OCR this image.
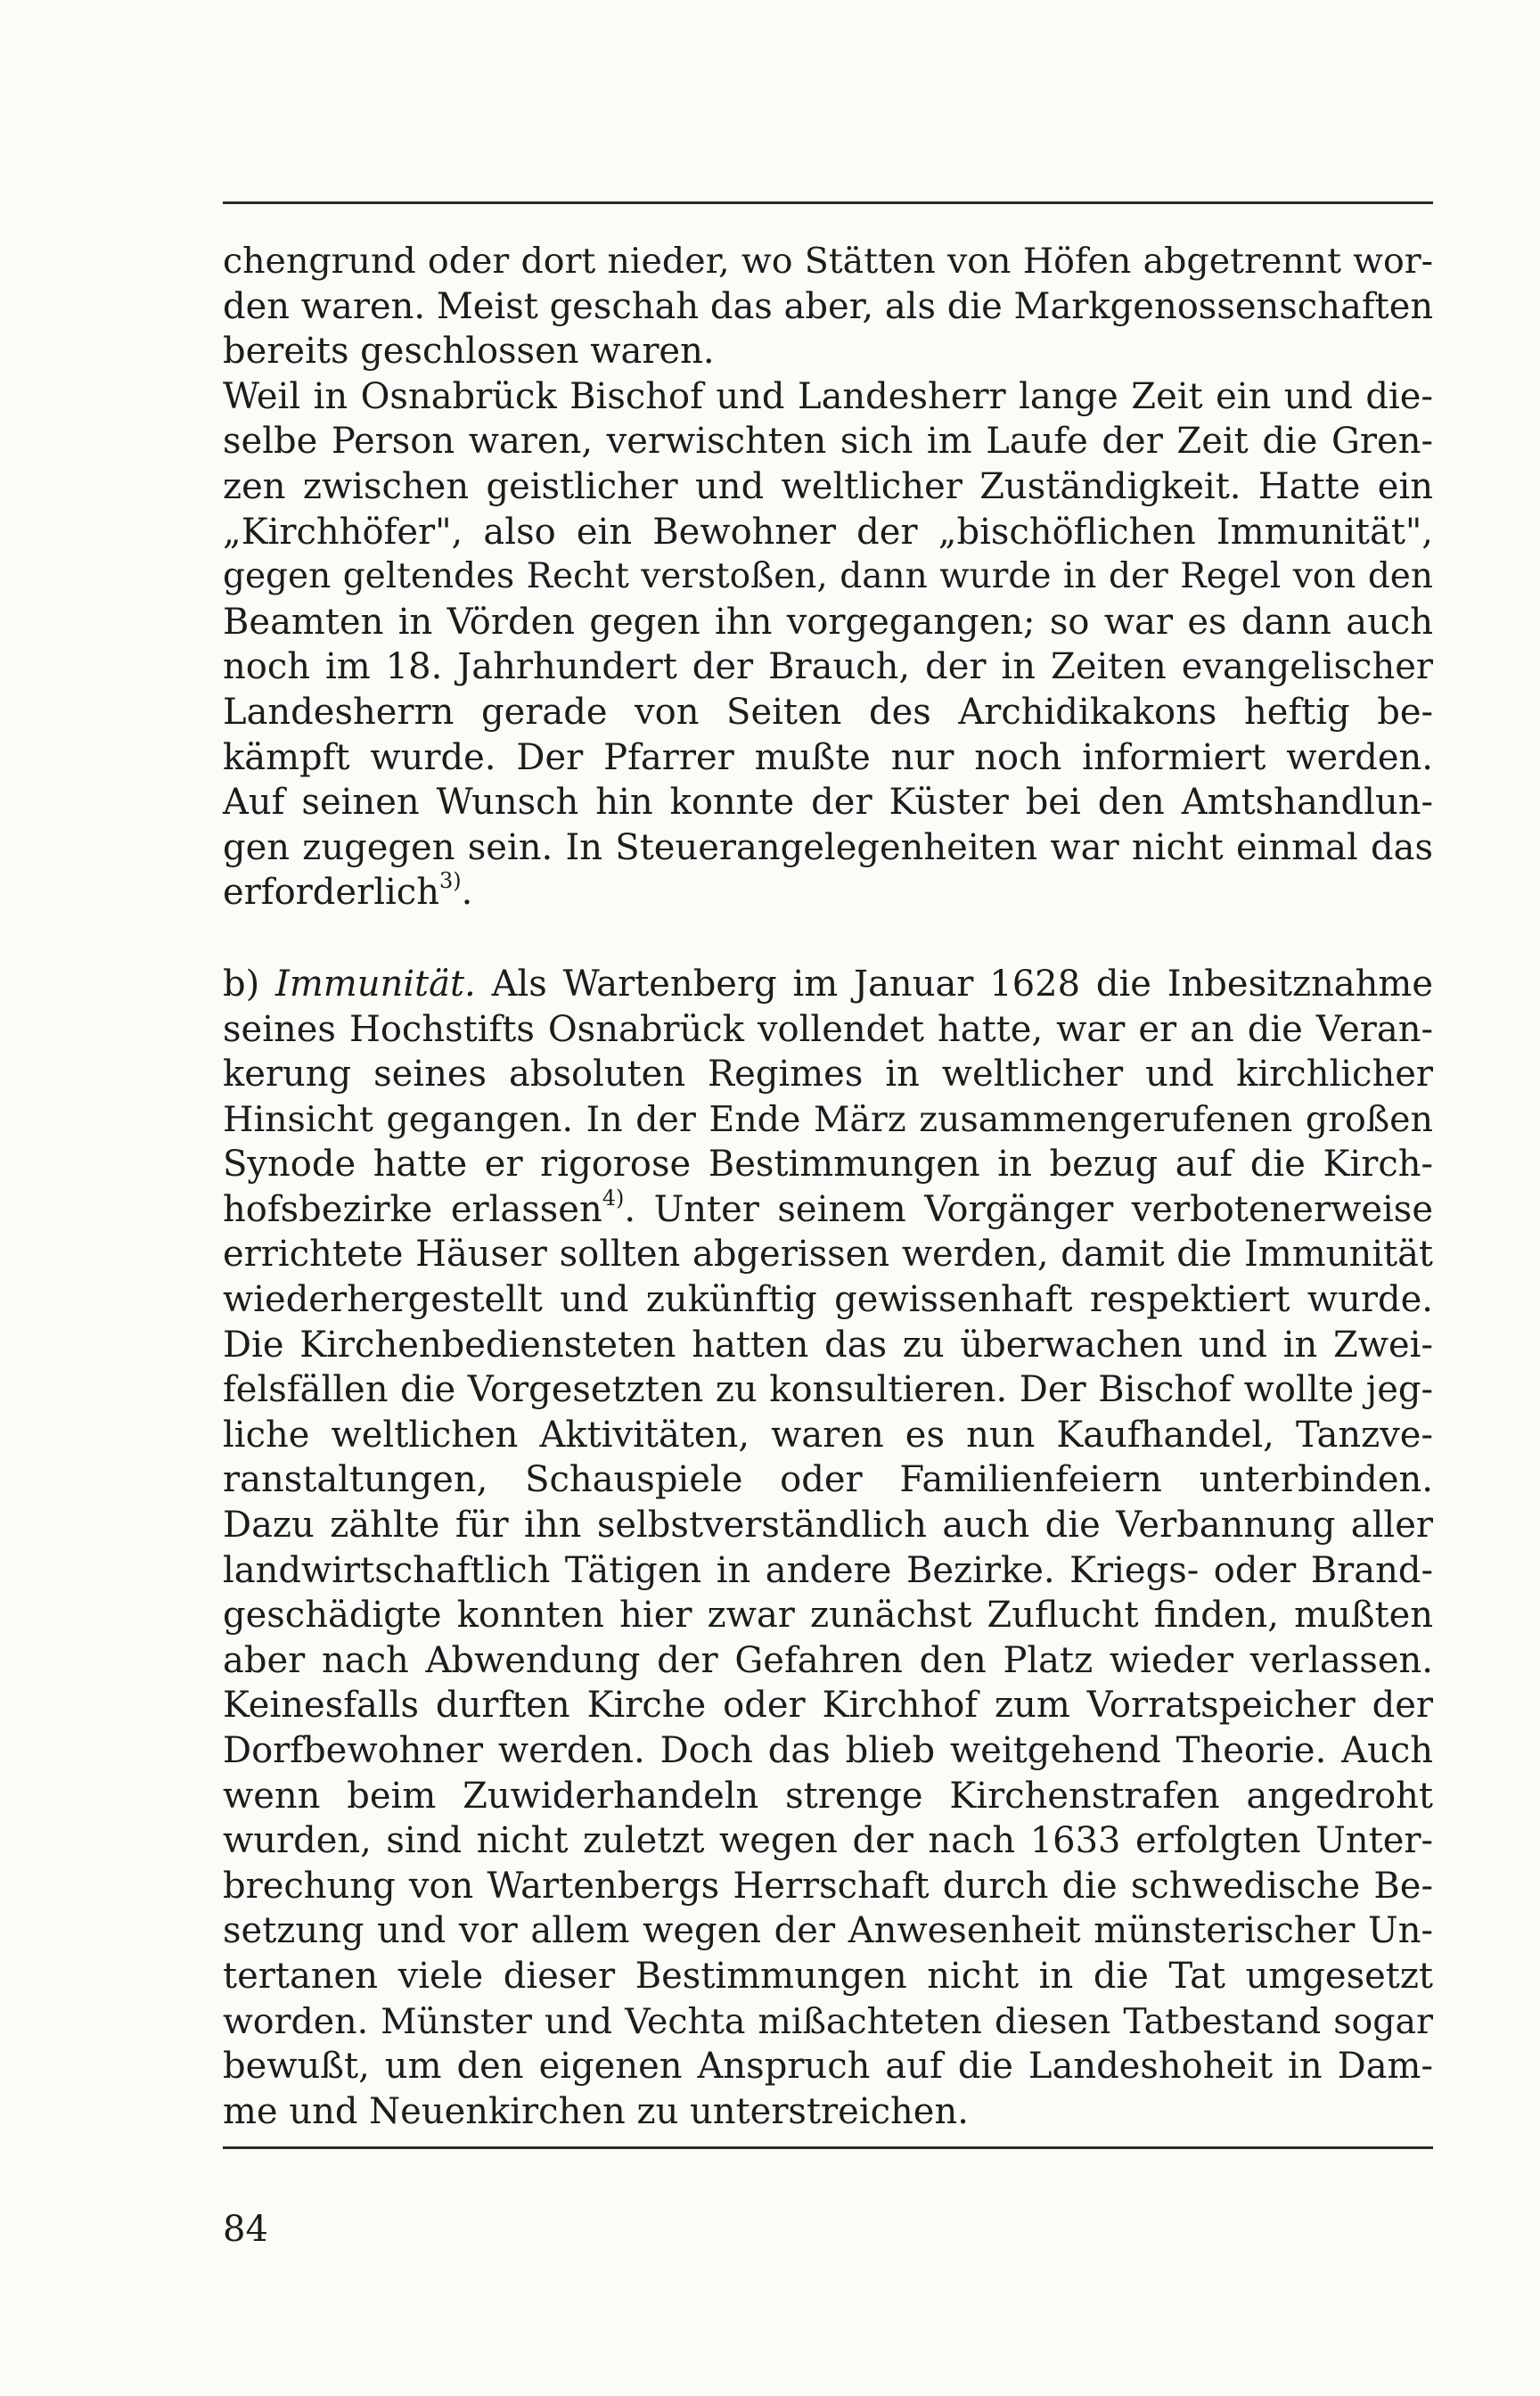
chengrund oder dort nieder, wo Stätten von Höfen abgetrennt wor-
den waren. Meist geschah das aber, als die Markgenossenschaften
bereits geschlossen waren.
Weil in Osnabrück Bischof und Landesherr lange Zeit ein und die-
selbe Person waren, verwischten sich im Laufe der Zeit die Gren-
zen zwischen geistlicher und weltlicher Zuständigkeit. Hatte ein
„Kirchhöfer", also ein Bewohner der „bischöflichen Immunität",
gegen geltendes Recht verstoßen, dann wurde in der Regel von den
Beamten in Vörden gegen ihn vorgegangen; so war es dann auch
noch im 18. Jahrhundert der Brauch, der in Zeiten evangelischer
Landesherrn gerade von Seiten des Archidikakons heftig be-
kämpft wurde. Der Pfarrer mußte nur noch informiert werden.
Auf seinen Wunsch hin konnte der Küster bei den Amtshandlun-
gen zugegen sein. In Steuerangelegenheiten war nicht einmal das
erforderlich$^{3)}$.
b) Immunität. Als Wartenberg im Januar 1628 die Inbesitznahme
seines Hochstifts Osnabrück vollendet hatte, war er an die Veran-
kerung seines absoluten Regimes in weltlicher und kirchlicher
Hinsicht gegangen. In der Ende März zusammengerufenen großen
Synode hatte er rigorose Bestimmungen in bezug auf die Kirch-
hofsbezirke erlassen$^{4)}$. Unter seinem Vorgänger verbotenerweise
errichtete Häuser sollten abgerissen werden, damit die Immunität
wiederhergestellt und zukünftig gewissenhaft respektiert wurde.
Die Kirchenbediensteten hatten das zu überwachen und in Zwei-
felsfällen die Vorgesetzten zu konsultieren. Der Bischof wollte jeg-
liche weltlichen Aktivitäten, waren es nun Kaufhandel, Tanzve-
ranstaltungen, Schauspiele oder Familienfeiern unterbinden.
Dazu zählte für ihn selbstverständlich auch die Verbannung aller
landwirtschaftlich Tätigen in andere Bezirke. Kriegs- oder Brand-
geschädigte konnten hier zwar zunächst Zuflucht finden, mußten
aber nach Abwendung der Gefahren den Platz wieder verlassen.
Keinesfalls durften Kirche oder Kirchhof zum Vorratspeicher der
Dorfbewohner werden. Doch das blieb weitgehend Theorie. Auch
wenn beim Zuwiderhandeln strenge Kirchenstrafen angedroht
wurden, sind nicht zuletzt wegen der nach 1633 erfolgten Unter-
brechung von Wartenbergs Herrschaft durch die schwedische Be-
setzung und vor allem wegen der Anwesenheit münsterischer Un-
tertanen viele dieser Bestimmungen nicht in die Tat umgesetzt
worden. Münster und Vechta mißachteten diesen Tatbestand sogar
bewußt, um den eigenen Anspruch auf die Landeshoheit in Dam-
me und Neuenkirchen zu unterstreichen.
84
